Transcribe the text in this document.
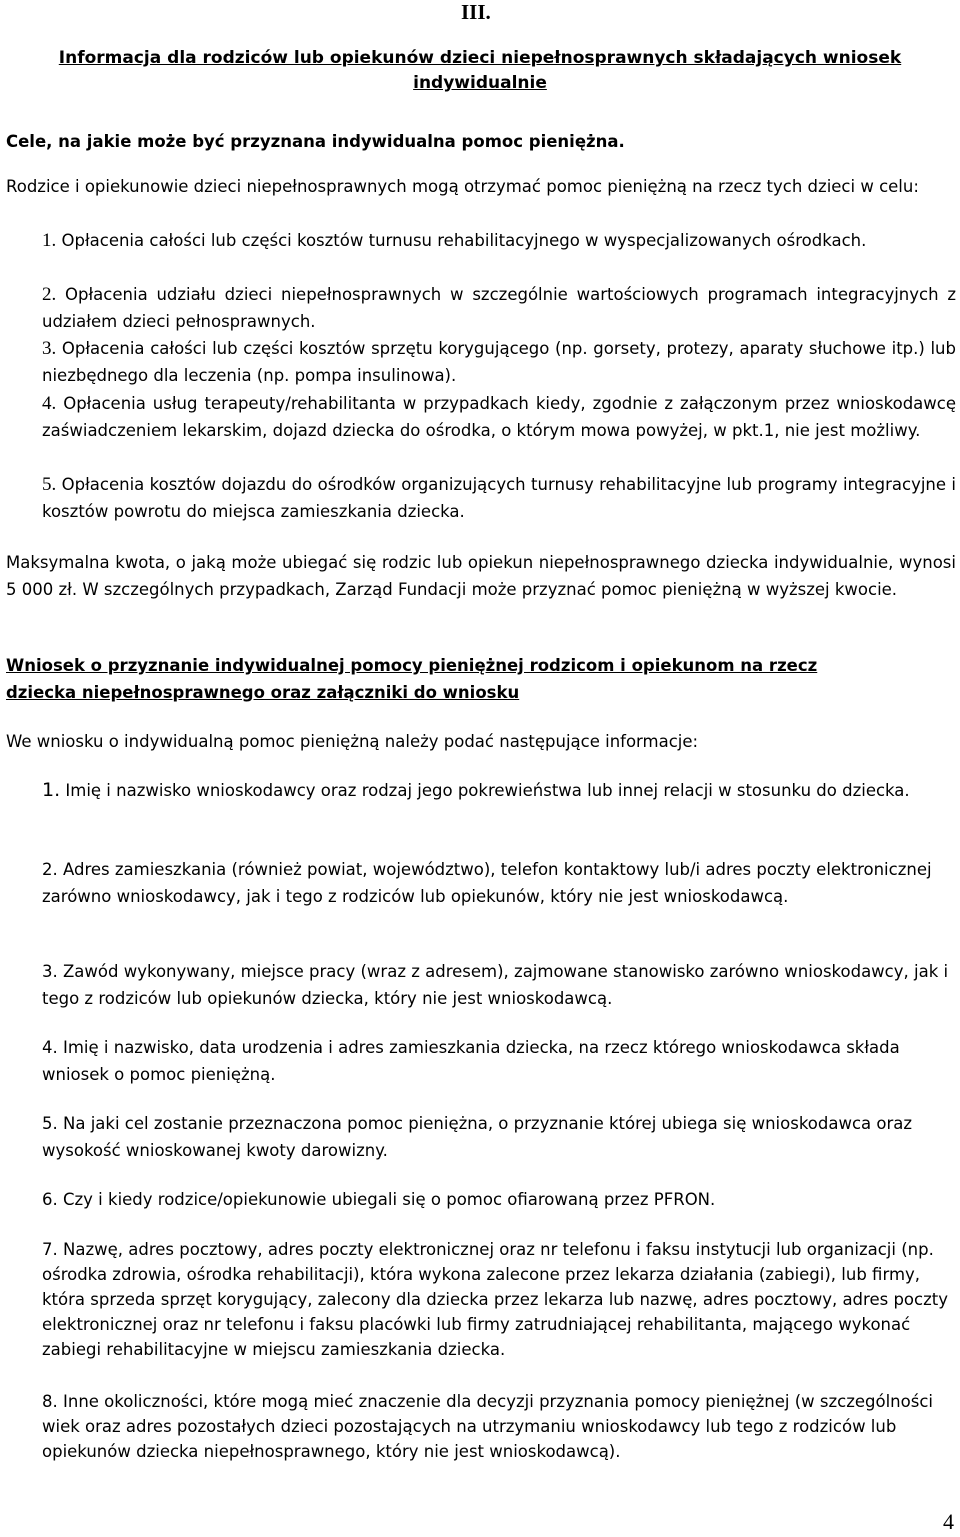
III.
Informacja dla rodziców lub opiekunów dzieci niepełnosprawnych składających wniosek
indywidualnie
Cele, na jakie może być przyznana indywidualna pomoc pieniężna.
Rodzice i opiekunowie dzieci niepełnosprawnych mogą otrzymać pomoc pieniężną na rzecz tych dzieci w celu:
1. Opłacenia całości lub części kosztów turnusu rehabilitacyjnego w wyspecjalizowanych ośrodkach.
2. Opłacenia udziału dzieci niepełnosprawnych w szczególnie wartościowych programach integracyjnych z udziałem dzieci pełnosprawnych.
3. Opłacenia całości lub części kosztów sprzętu korygującego (np. gorsety, protezy, aparaty słuchowe itp.) lub niezbędnego dla leczenia (np. pompa insulinowa).
4. Opłacenia usług terapeuty/rehabilitanta w przypadkach kiedy, zgodnie z załączonym przez wnioskodawcę zaświadczeniem lekarskim, dojazd dziecka do ośrodka, o którym mowa powyżej, w pkt.1, nie jest możliwy.
5. Opłacenia kosztów dojazdu do ośrodków organizujących turnusy rehabilitacyjne lub programy integracyjne i kosztów powrotu do miejsca zamieszkania dziecka.
Maksymalna kwota, o jaką może ubiegać się rodzic lub opiekun niepełnosprawnego dziecka indywidualnie, wynosi 5 000 zł. W szczególnych przypadkach, Zarząd Fundacji może przyznać pomoc pieniężną w wyższej kwocie.
Wniosek o przyznanie indywidualnej pomocy pieniężnej rodzicom i opiekunom na rzecz
dziecka niepełnosprawnego oraz załączniki do wniosku
We wniosku o indywidualną pomoc pieniężną należy podać następujące informacje:
1. Imię i nazwisko wnioskodawcy oraz rodzaj jego pokrewieństwa lub innej relacji w stosunku do dziecka.
2. Adres zamieszkania (również powiat, województwo), telefon kontaktowy lub/i adres poczty elektronicznej zarówno wnioskodawcy, jak i tego z rodziców lub opiekunów, który nie jest wnioskodawcą.
3. Zawód wykonywany, miejsce pracy (wraz z adresem), zajmowane stanowisko zarówno wnioskodawcy, jak i tego z rodziców lub opiekunów dziecka, który nie jest wnioskodawcą.
4. Imię i nazwisko, data urodzenia i adres zamieszkania dziecka, na rzecz którego wnioskodawca składa wniosek o pomoc pieniężną.
5. Na jaki cel zostanie przeznaczona pomoc pieniężna, o przyznanie której ubiega się wnioskodawca oraz wysokość wnioskowanej kwoty darowizny.
6. Czy i kiedy rodzice/opiekunowie ubiegali się o pomoc ofiarowaną przez PFRON.
7. Nazwę, adres pocztowy, adres poczty elektronicznej oraz nr telefonu i faksu instytucji lub organizacji (np. ośrodka zdrowia, ośrodka rehabilitacji), która wykona zalecone przez lekarza działania (zabiegi), lub firmy, która sprzeda sprzęt korygujący, zalecony dla dziecka przez lekarza lub nazwę, adres pocztowy, adres poczty elektronicznej oraz nr telefonu i faksu placówki lub firmy zatrudniającej rehabilitanta, mającego wykonać zabiegi rehabilitacyjne w miejscu zamieszkania dziecka.
8. Inne okoliczności, które mogą mieć znaczenie dla decyzji przyznania pomocy pieniężnej (w szczególności wiek oraz adres pozostałych dzieci pozostających na utrzymaniu wnioskodawcy lub tego z rodziców lub opiekunów dziecka niepełnosprawnego, który nie jest wnioskodawcą).
4
